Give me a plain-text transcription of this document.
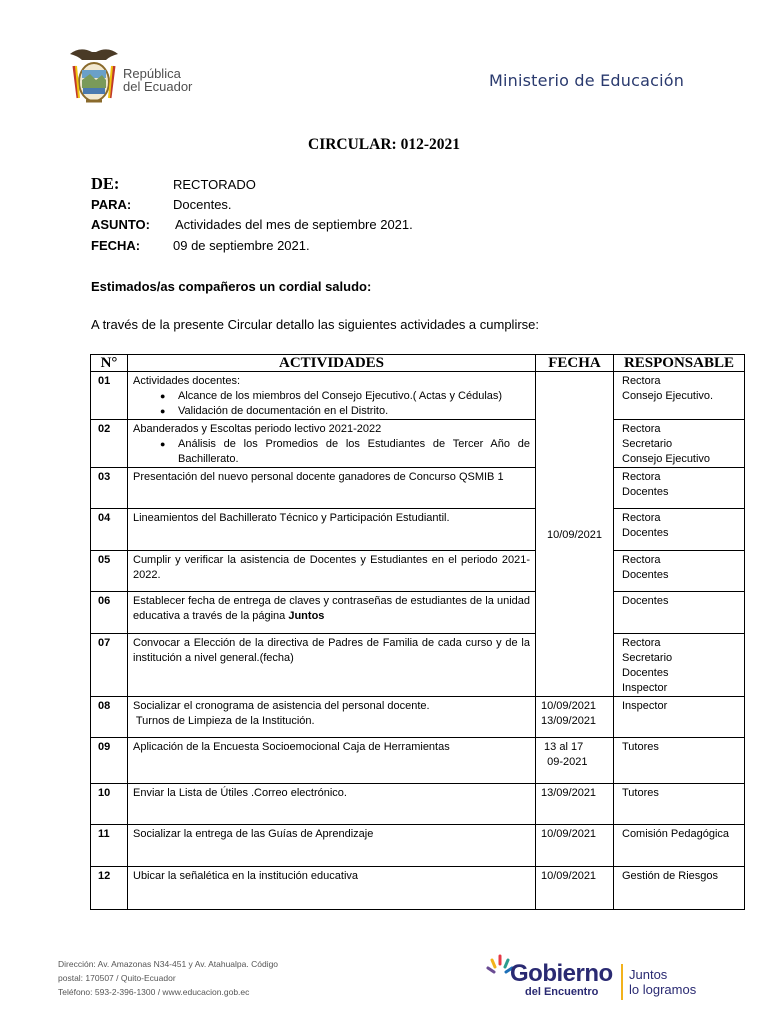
República
del Ecuador	Ministerio de Educación
CIRCULAR: 012-2021
DE:	RECTORADO
PARA:	Docentes.
ASUNTO: Actividades del mes de septiembre 2021.
FECHA:	09 de septiembre 2021.
Estimados/as compañeros un cordial saludo:
A través de la presente Circular detallo las siguientes actividades a cumplirse:
N°	ACTIVIDADES	FECHA	RESPONSABLE
01	Actividades docentes:
● Alcance de los miembros del Consejo Ejecutivo.( Actas y Cédulas)
● Validación de documentación en el Distrito.	10/09/2021	Rectora
Consejo Ejecutivo.

02	Abanderados y Escoltas periodo lectivo 2021-2022
● Análisis de los Promedios de los Estudiantes de Tercer Año de Bachillerato.		Rectora
Secretario
Consejo Ejecutivo

03	Presentación del nuevo personal docente ganadores de Concurso QSMIB 1		Rectora
Docentes

04	Lineamientos del Bachillerato Técnico y Participación Estudiantil.		Rectora
Docentes

05	Cumplir y verificar la asistencia de Docentes y Estudiantes en el periodo 2021-2022.		Rectora
Docentes

06	Establecer fecha de entrega de claves y contraseñas de estudiantes de la unidad educativa a través de la página Juntos		Docentes

07	Convocar a Elección de la directiva de Padres de Familia de cada curso y de la institución a nivel general.(fecha)		Rectora
Secretario
Docentes
Inspector

08	Socializar el cronograma de asistencia del personal docente.
Turnos de Limpieza de la Institución.	10/09/2021
13/09/2021	Inspector
09	Aplicación de la Encuesta Socioemocional Caja de Herramientas	13 al 17
09-2021	Tutores
10	Enviar la Lista de Útiles .Correo electrónico.	13/09/2021	Tutores
11	Socializar la entrega de las Guías de Aprendizaje	10/09/2021	Comisión Pedagógica
12	Ubicar la señalética en la institución educativa	10/09/2021	Gestión de Riesgos
Dirección: Av. Amazonas N34-451 y Av. Atahualpa. Código
postal: 170507 / Quito-Ecuador
Teléfono: 593-2-396-1300 / www.educacion.gob.ec
Gobierno
del Encuentro
Juntos
lo logramos
